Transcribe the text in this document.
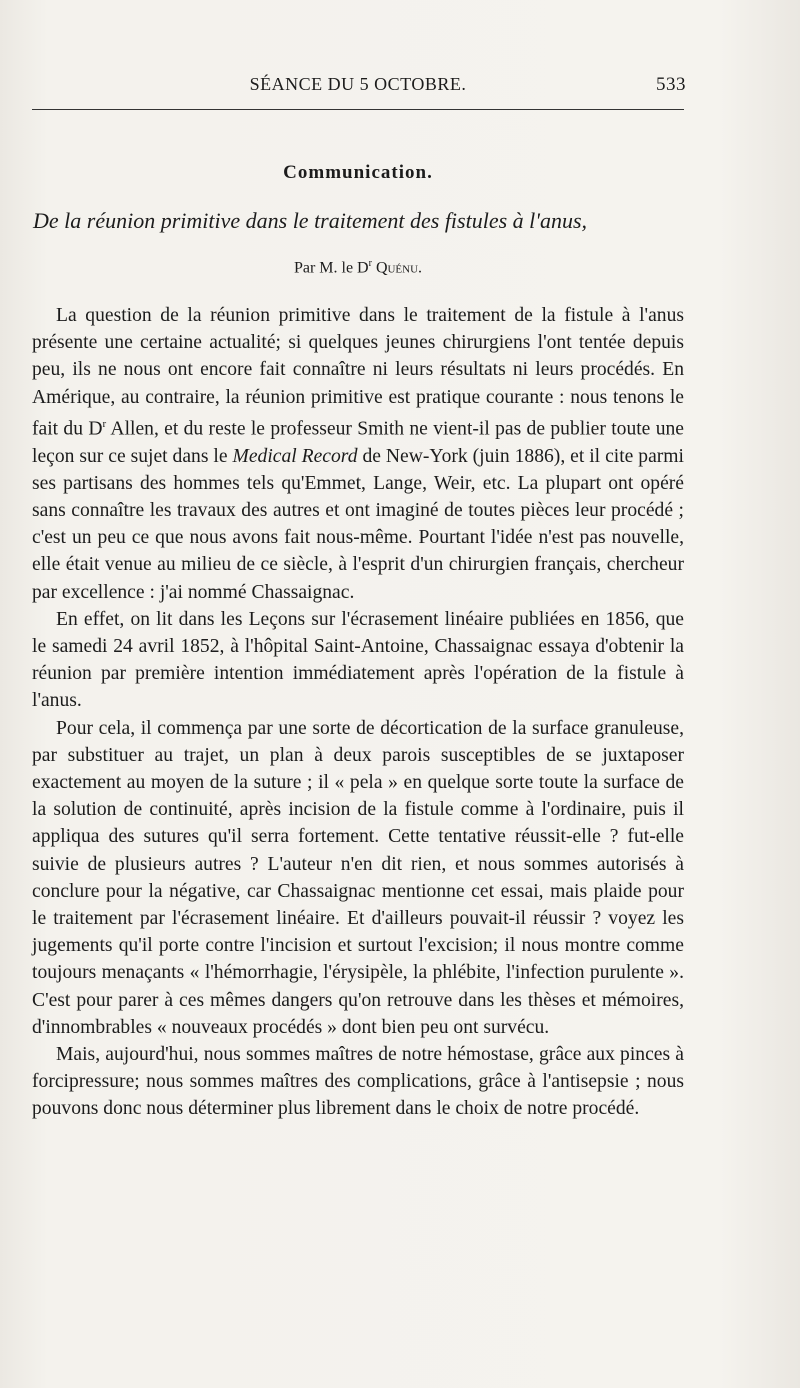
SÉANCE DU 5 OCTOBRE.	533
Communication.
De la réunion primitive dans le traitement des fistules à l'anus,
Par M. le $D^r$ Quénu.

La question de la réunion primitive dans le traitement de la fistule à l'anus présente une certaine actualité; si quelques jeunes chirurgiens l'ont tentée depuis peu, ils ne nous ont encore fait connaître ni leurs résultats ni leurs procédés. En Amérique, au contraire, la réunion primitive est pratique courante : nous tenons le fait du $D^r$ Allen, et du reste le professeur Smith ne vient-il pas de publier toute une leçon sur ce sujet dans le Medical Record de New-York (juin 1886), et il cite parmi ses partisans des hommes tels qu'Emmet, Lange, Weir, etc. La plupart ont opéré sans connaître les travaux des autres et ont imaginé de toutes pièces leur procédé ; c'est un peu ce que nous avons fait nous-même. Pourtant l'idée n'est pas nouvelle, elle était venue au milieu de ce siècle, à l'esprit d'un chirurgien français, chercheur par excellence : j'ai nommé Chassaignac.

En effet, on lit dans les Leçons sur l'écrasement linéaire publiées en 1856, que le samedi 24 avril 1852, à l'hôpital Saint-Antoine, Chassaignac essaya d'obtenir la réunion par première intention immédiatement après l'opération de la fistule à l'anus.

Pour cela, il commença par une sorte de décortication de la surface granuleuse, par substituer au trajet, un plan à deux parois susceptibles de se juxtaposer exactement au moyen de la suture ; il « pela » en quelque sorte toute la surface de la solution de continuité, après incision de la fistule comme à l'ordinaire, puis il appliqua des sutures qu'il serra fortement. Cette tentative réussit-elle ? fut-elle suivie de plusieurs autres ? L'auteur n'en dit rien, et nous sommes autorisés à conclure pour la négative, car Chassaignac mentionne cet essai, mais plaide pour le traitement par l'écrasement linéaire. Et d'ailleurs pouvait-il réussir ? voyez les jugements qu'il porte contre l'incision et surtout l'excision; il nous montre comme toujours menaçants « l'hémorrhagie, l'érysipèle, la phlébite, l'infection purulente ». C'est pour parer à ces mêmes dangers qu'on retrouve dans les thèses et mémoires, d'innombrables « nouveaux procédés » dont bien peu ont survécu.

Mais, aujourd'hui, nous sommes maîtres de notre hémostase, grâce aux pinces à forcipressure; nous sommes maîtres des complications, grâce à l'antisepsie ; nous pouvons donc nous déterminer plus librement dans le choix de notre procédé.
